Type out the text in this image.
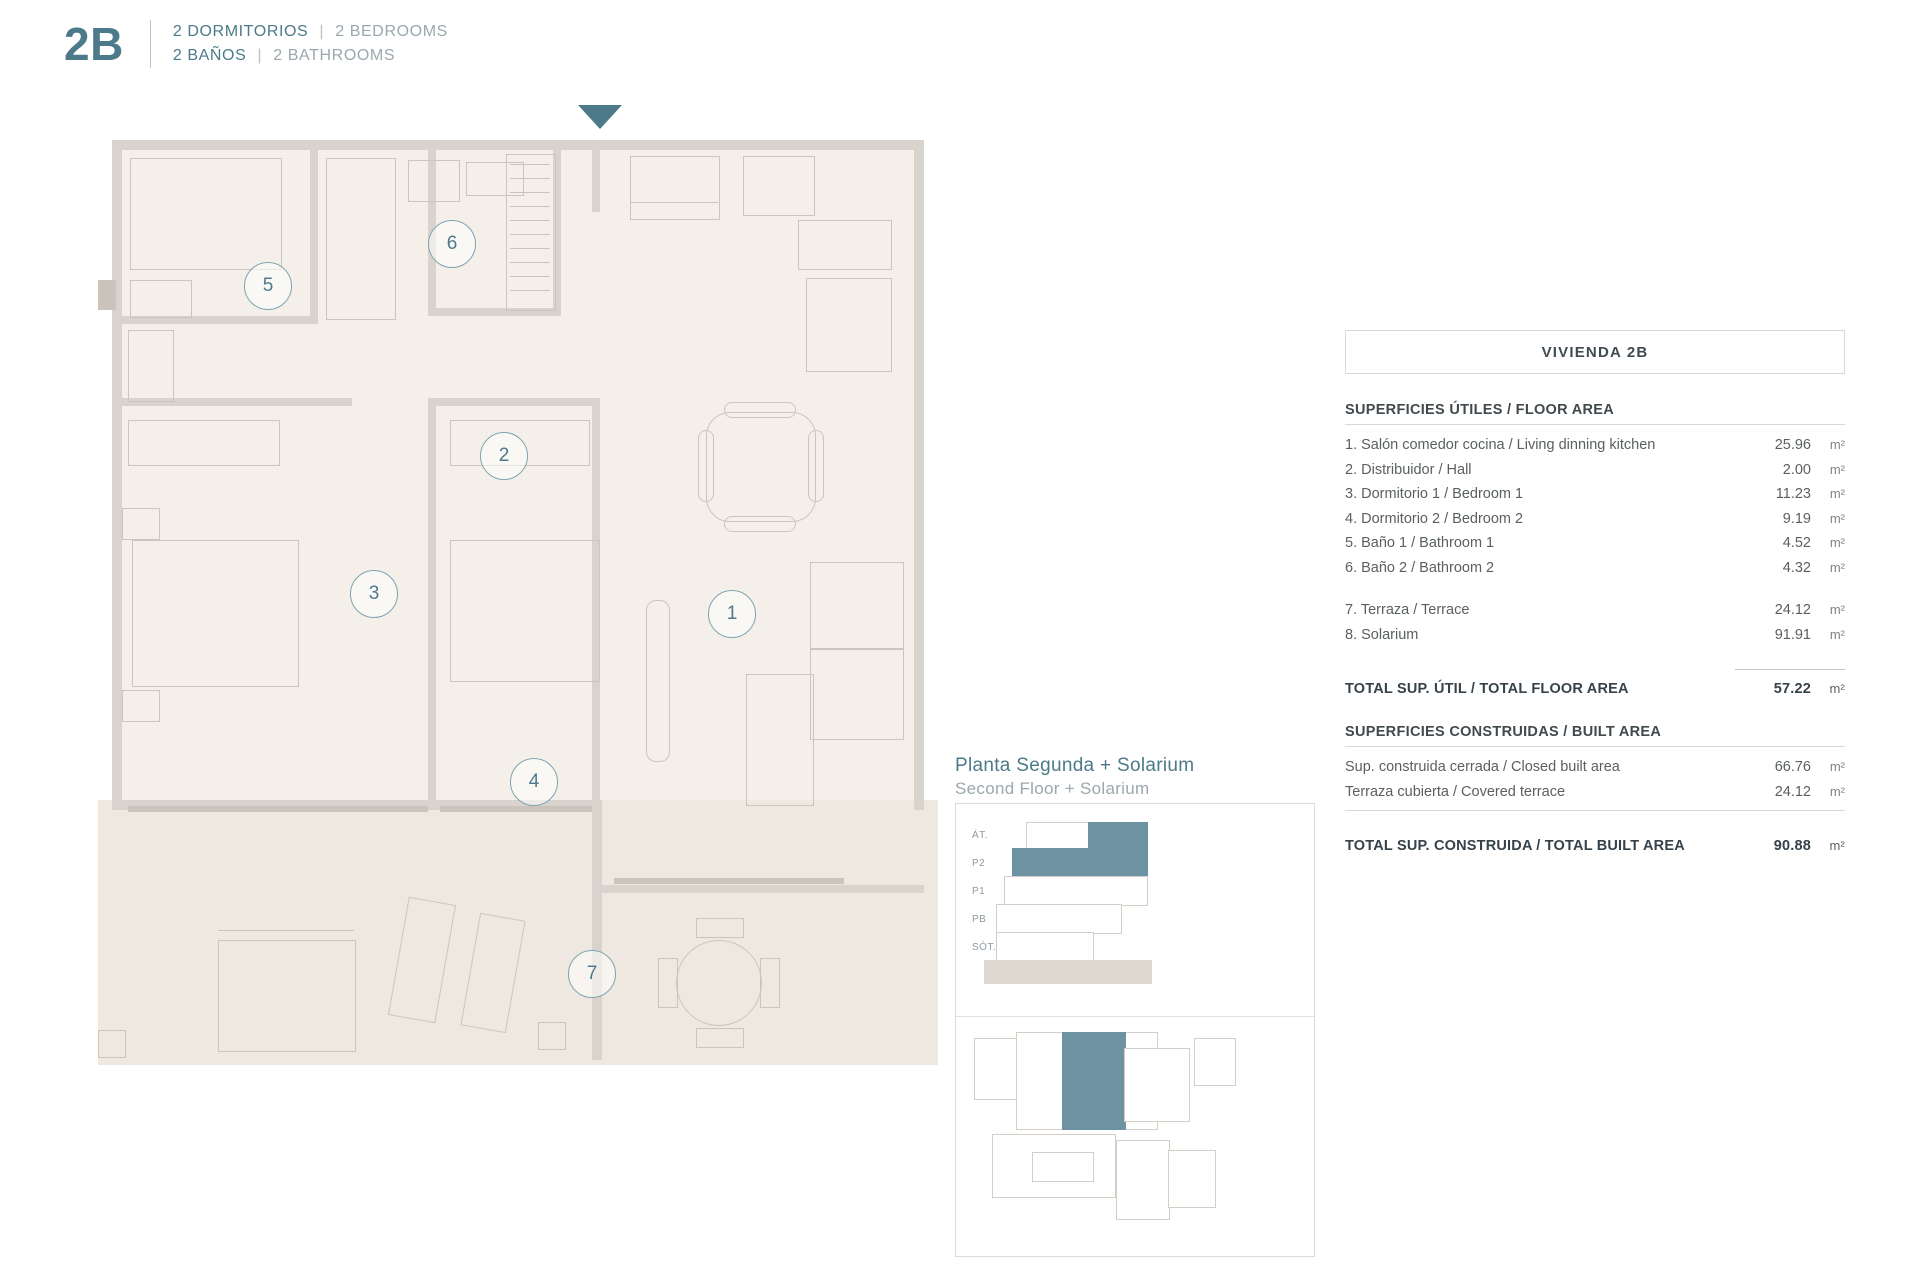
2B	2 DORMITORIOS | 2 BEDROOMS
2 BAÑOS | 2 BATHROOMS
1
2
3
4
5
6
7
Planta Segunda + Solarium
Second Floor + Solarium
ÁT.
P2
P1
PB
SÓT.
VIVIENDA 2B
SUPERFICIES ÚTILES / FLOOR AREA
1. Salón comedor cocina / Living dinning kitchen	25.96	m²
2. Distribuidor / Hall	2.00	m²
3. Dormitorio 1 / Bedroom 1	11.23	m²
4. Dormitorio 2 / Bedroom 2	9.19	m²
5. Baño 1 / Bathroom 1	4.52	m²
6. Baño 2 / Bathroom 2	4.32	m²
7. Terraza / Terrace	24.12	m²
8. Solarium	91.91	m²
TOTAL SUP. ÚTIL / TOTAL FLOOR AREA	57.22	m²
SUPERFICIES CONSTRUIDAS / BUILT AREA
Sup. construida cerrada / Closed built area	66.76	m²
Terraza cubierta / Covered terrace	24.12	m²
TOTAL SUP. CONSTRUIDA / TOTAL BUILT AREA	90.88	m²
